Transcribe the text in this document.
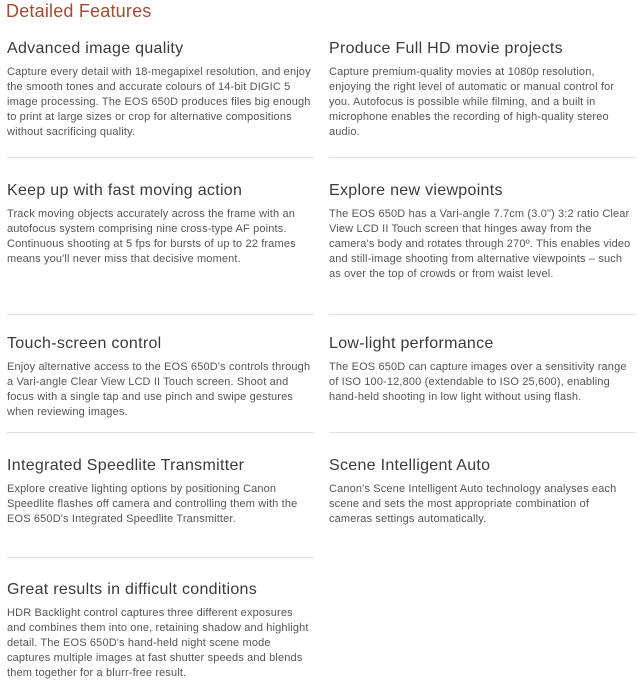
Detailed Features
Advanced image quality

Capture every detail with 18-megapixel resolution, and enjoy the smooth tones and accurate colours of 14-bit DIGIC 5 image processing. The EOS 650D produces files big enough to print at large sizes or crop for alternative compositions without sacrificing quality.

Produce Full HD movie projects

Capture premium-quality movies at 1080p resolution, enjoying the right level of automatic or manual control for you. Autofocus is possible while filming, and a built in microphone enables the recording of high-quality stereo audio.

Keep up with fast moving action

Track moving objects accurately across the frame with an autofocus system comprising nine cross-type AF points. Continuous shooting at 5 fps for bursts of up to 22 frames means you'll never miss that decisive moment.

Explore new viewpoints

The EOS 650D has a Vari-angle 7.7cm (3.0") 3:2 ratio Clear View LCD II Touch screen that hinges away from the camera's body and rotates through 270º. This enables video and still-image shooting from alternative viewpoints – such as over the top of crowds or from waist level.

Touch-screen control

Enjoy alternative access to the EOS 650D's controls through a Vari-angle Clear View LCD II Touch screen. Shoot and focus with a single tap and use pinch and swipe gestures when reviewing images.

Low-light performance

The EOS 650D can capture images over a sensitivity range of ISO 100-12,800 (extendable to ISO 25,600), enabling hand-held shooting in low light without using flash.

Integrated Speedlite Transmitter

Explore creative lighting options by positioning Canon Speedlite flashes off camera and controlling them with the EOS 650D's Integrated Speedlite Transmitter.

Scene Intelligent Auto

Canon's Scene Intelligent Auto technology analyses each scene and sets the most appropriate combination of cameras settings automatically.

Great results in difficult conditions

HDR Backlight control captures three different exposures and combines them into one, retaining shadow and highlight detail. The EOS 650D's hand-held night scene mode captures multiple images at fast shutter speeds and blends them together for a blurr-free result.
